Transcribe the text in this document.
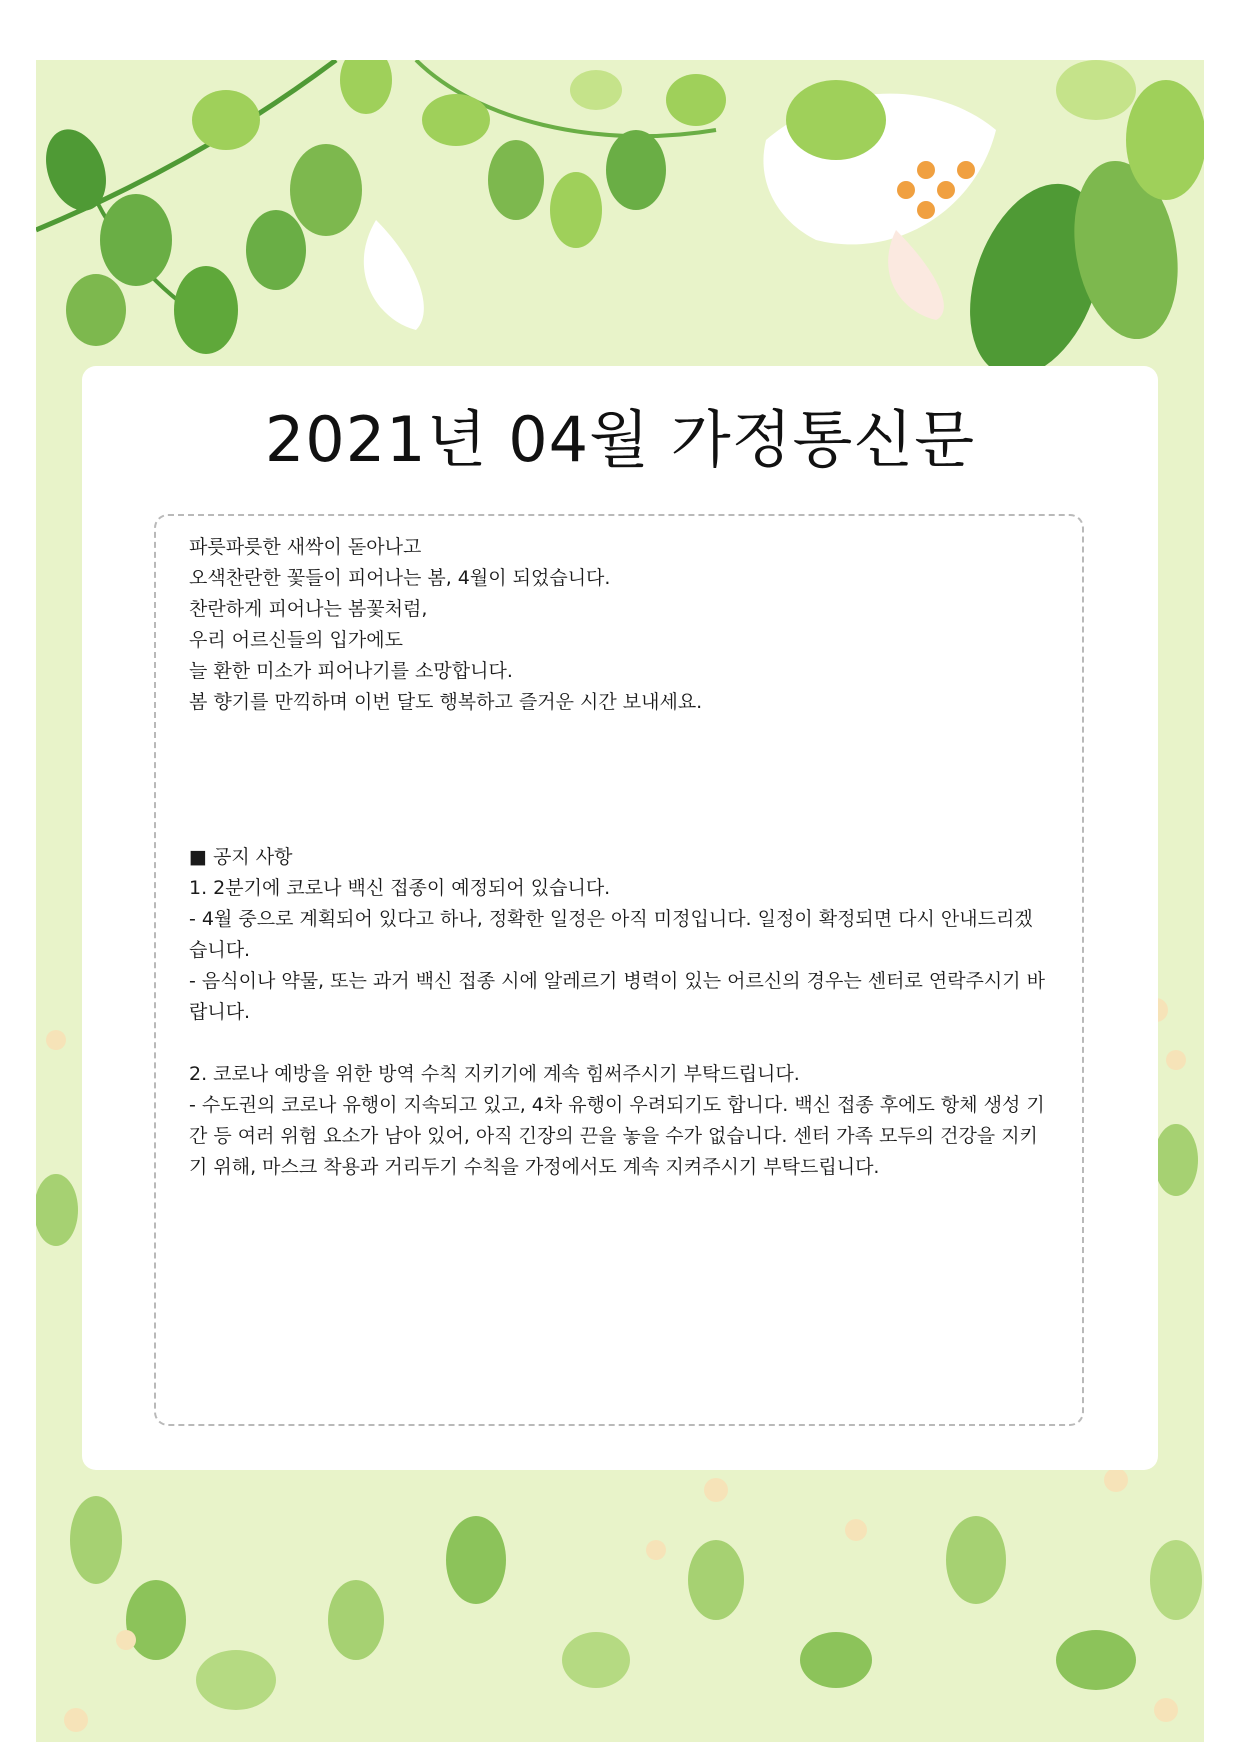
2021년 04월 가정통신문

파릇파릇한 새싹이 돋아나고

오색찬란한 꽃들이 피어나는 봄, 4월이 되었습니다.

찬란하게 피어나는 봄꽃처럼,

우리 어르신들의 입가에도

늘 환한 미소가 피어나기를 소망합니다.

봄 향기를 만끽하며 이번 달도 행복하고 즐거운 시간 보내세요.

■ 공지 사항

1. 2분기에 코로나 백신 접종이 예정되어 있습니다.

- 4월 중으로 계획되어 있다고 하나, 정확한 일정은 아직 미정입니다. 일정이 확정되면 다시 안내드리겠습니다.

- 음식이나 약물, 또는 과거 백신 접종 시에 알레르기 병력이 있는 어르신의 경우는 센터로 연락주시기 바랍니다.

2. 코로나 예방을 위한 방역 수칙 지키기에 계속 힘써주시기 부탁드립니다.

- 수도권의 코로나 유행이 지속되고 있고, 4차 유행이 우려되기도 합니다. 백신 접종 후에도 항체 생성 기간 등 여러 위험 요소가 남아 있어, 아직 긴장의 끈을 놓을 수가 없습니다. 센터 가족 모두의 건강을 지키기 위해, 마스크 착용과 거리두기 수칙을 가정에서도 계속 지켜주시기 부탁드립니다.
